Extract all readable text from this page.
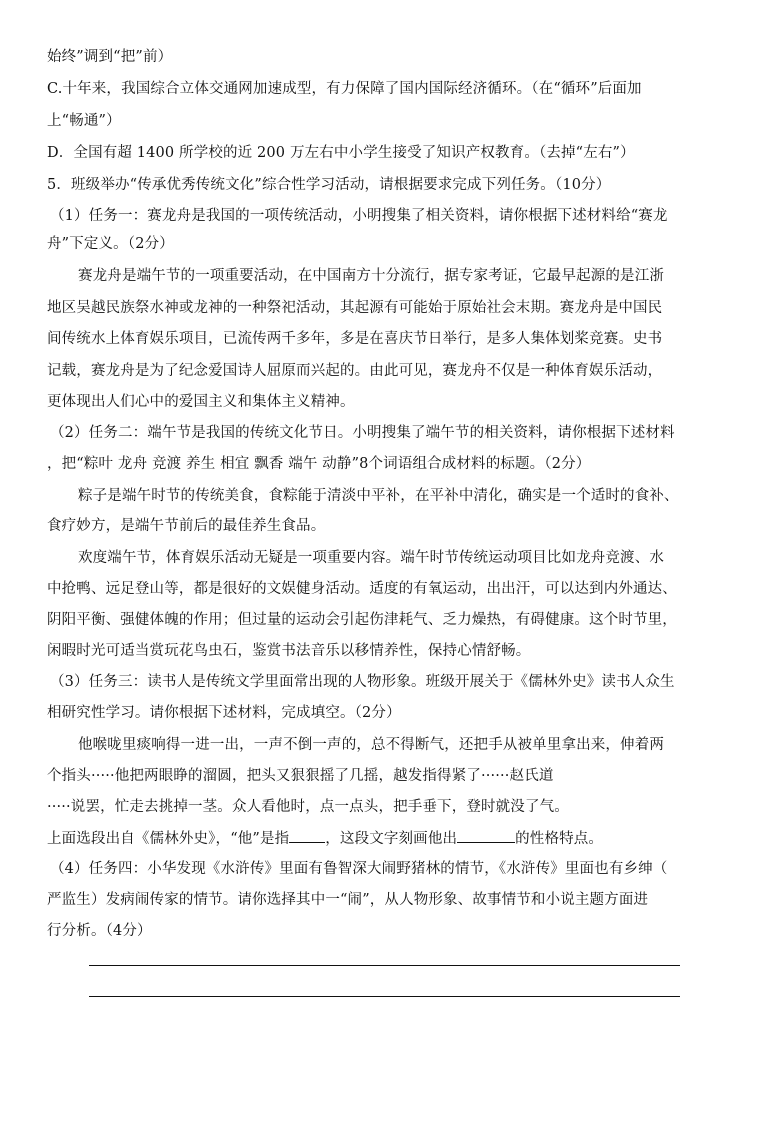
始终”调到“把”前）
C.十年来，我国综合立体交通网加速成型，有力保障了国内国际经济循环。（在“循环”后面加
上“畅通”）
D．全国有超 1400 所学校的近 200 万左右中小学生接受了知识产权教育。（去掉“左右”）
5．班级举办“传承优秀传统文化”综合性学习活动，请根据要求完成下列任务。（10分）
（1）任务一：赛龙舟是我国的一项传统活动，小明搜集了相关资料，请你根据下述材料给“赛龙
舟”下定义。（2分）
赛龙舟是端午节的一项重要活动，在中国南方十分流行，据专家考证，它最早起源的是江浙
地区吴越民族祭水神或龙神的一种祭祀活动，其起源有可能始于原始社会末期。赛龙舟是中国民
间传统水上体育娱乐项目，已流传两千多年，多是在喜庆节日举行，是多人集体划桨竞赛。史书
记载，赛龙舟是为了纪念爱国诗人屈原而兴起的。由此可见，赛龙舟不仅是一种体育娱乐活动，
更体现出人们心中的爱国主义和集体主义精神。
（2）任务二：端午节是我国的传统文化节日。小明搜集了端午节的相关资料，请你根据下述材料
，把“粽叶 龙舟 竞渡 养生 相宜 飘香 端午 动静”8个词语组合成材料的标题。（2分）
粽子是端午时节的传统美食，食粽能于清淡中平补，在平补中清化，确实是一个适时的食补、
食疗妙方，是端午节前后的最佳养生食品。
欢度端午节，体育娱乐活动无疑是一项重要内容。端午时节传统运动项目比如龙舟竞渡、水
中抢鸭、远足登山等，都是很好的文娱健身活动。适度的有氧运动，出出汗，可以达到内外通达、
阴阳平衡、强健体魄的作用；但过量的运动会引起伤津耗气、乏力燥热，有碍健康。这个时节里，
闲暇时光可适当赏玩花鸟虫石，鉴赏书法音乐以移情养性，保持心情舒畅。
（3）任务三：读书人是传统文学里面常出现的人物形象。班级开展关于《儒林外史》读书人众生
相研究性学习。请你根据下述材料，完成填空。（2分）
他喉咙里痰响得一进一出，一声不倒一声的，总不得断气，还把手从被单里拿出来，伸着两
个指头·····他把两眼睁的溜圆，把头又狠狠摇了几摇，越发指得紧了······赵氏道
·····说罢，忙走去挑掉一茎。众人看他时，点一点头，把手垂下，登时就没了气。
上面选段出自《儒林外史》，“他”是指 ，这段文字刻画他出	的性格特点。
（4）任务四：小华发现《水浒传》里面有鲁智深大闹野猪林的情节，《水浒传》里面也有乡绅（
严监生）发病闹传家的情节。请你选择其中一“闹”，从人物形象、故事情节和小说主题方面进
行分析。（4分）
